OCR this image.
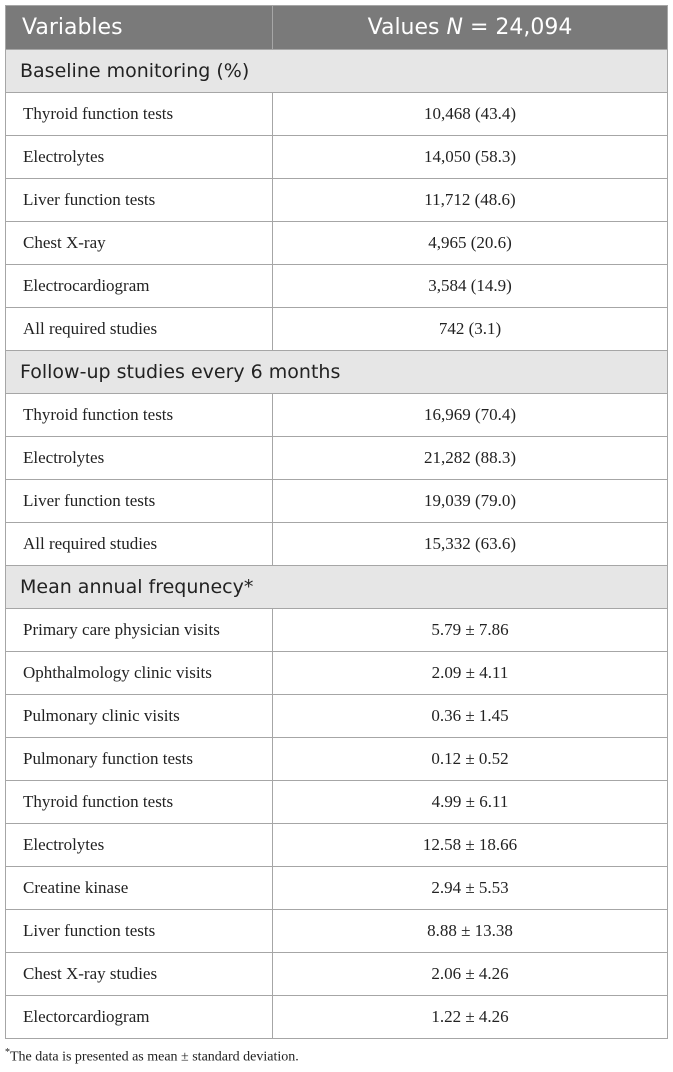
Variables	Values N = 24,094
Baseline monitoring (%)	
Thyroid function tests	10,468 (43.4)
Electrolytes	14,050 (58.3)
Liver function tests	11,712 (48.6)
Chest X-ray	4,965 (20.6)
Electrocardiogram	3,584 (14.9)
All required studies	742 (3.1)
Follow-up studies every 6 months	
Thyroid function tests	16,969 (70.4)
Electrolytes	21,282 (88.3)
Liver function tests	19,039 (79.0)
All required studies	15,332 (63.6)
Mean annual frequnecy*	
Primary care physician visits	5.79 ± 7.86
Ophthalmology clinic visits	2.09 ± 4.11
Pulmonary clinic visits	0.36 ± 1.45
Pulmonary function tests	0.12 ± 0.52
Thyroid function tests	4.99 ± 6.11
Electrolytes	12.58 ± 18.66
Creatine kinase	2.94 ± 5.53
Liver function tests	8.88 ± 13.38
Chest X-ray studies	2.06 ± 4.26
Electorcardiogram	1.22 ± 4.26
*The data is presented as mean ± standard deviation.
